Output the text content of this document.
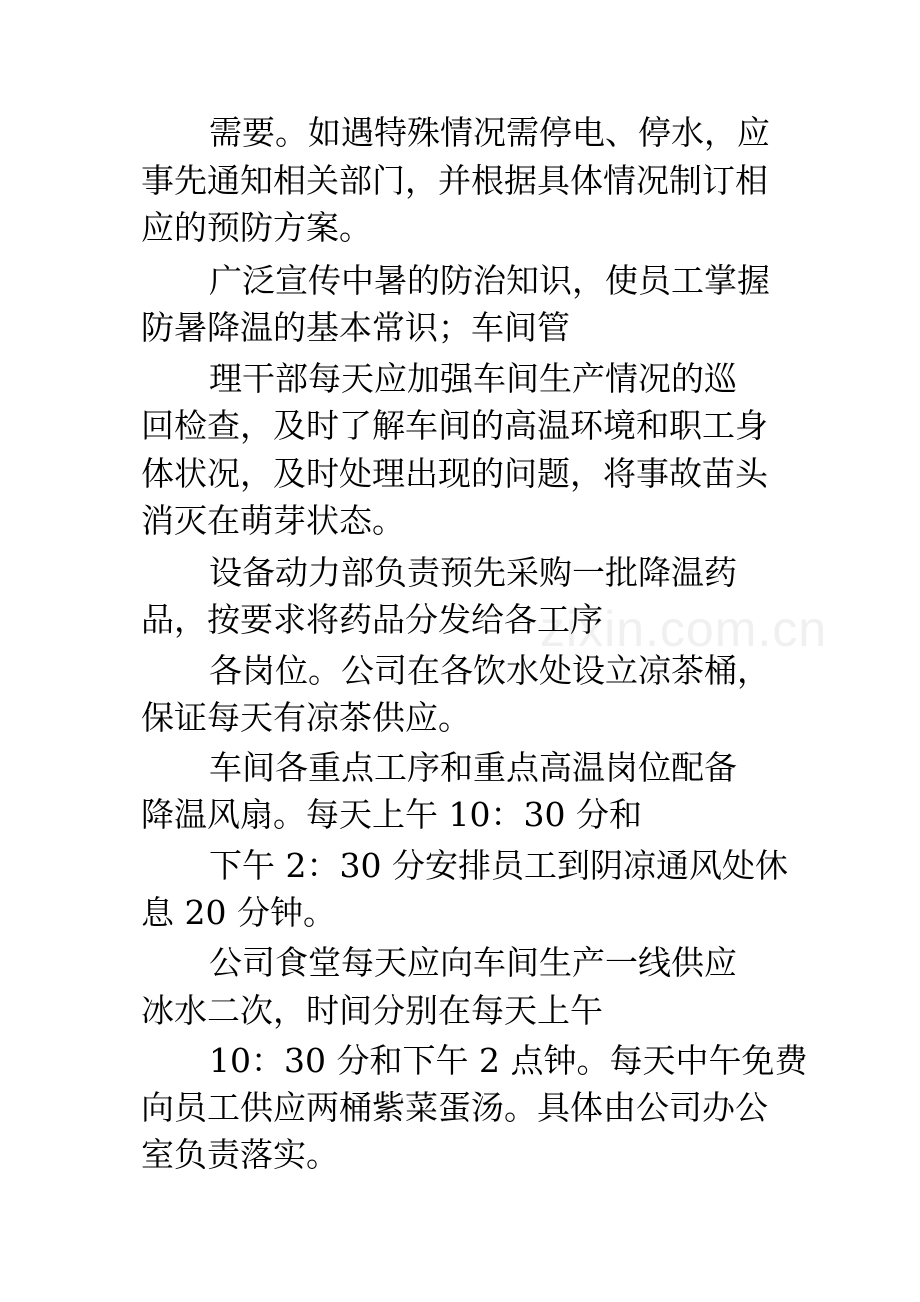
zixin.com.cn
需要。如遇特殊情况需停电、停水，应
事先通知相关部门，并根据具体情况制订相
应的预防方案。
广泛宣传中暑的防治知识，使员工掌握
防暑降温的基本常识；车间管
理干部每天应加强车间生产情况的巡
回检查，及时了解车间的高温环境和职工身
体状况，及时处理出现的问题，将事故苗头
消灭在萌芽状态。
设备动力部负责预先采购一批降温药
品，按要求将药品分发给各工序
各岗位。公司在各饮水处设立凉茶桶，
保证每天有凉茶供应。
车间各重点工序和重点高温岗位配备
降温风扇。每天上午 10：30 分和
下午 2：30 分安排员工到阴凉通风处休
息 20 分钟。
公司食堂每天应向车间生产一线供应
冰水二次，时间分别在每天上午
10：30 分和下午 2 点钟。每天中午免费
向员工供应两桶紫菜蛋汤。具体由公司办公
室负责落实。
